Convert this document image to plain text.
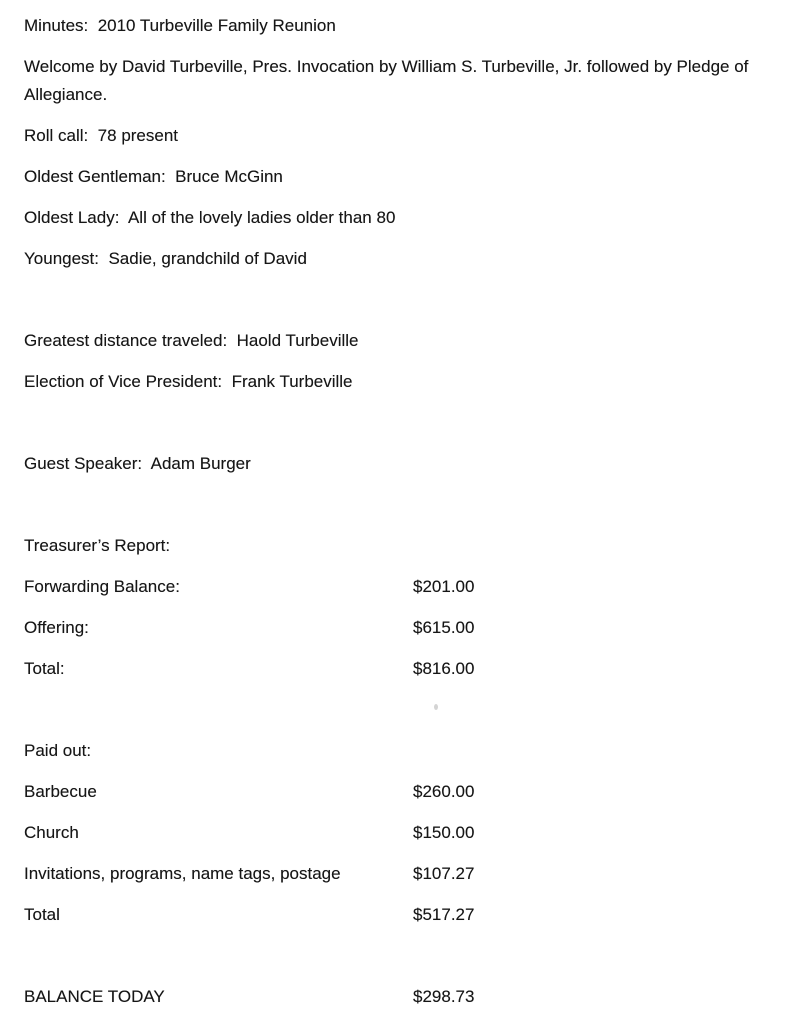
Minutes:  2010 Turbeville Family Reunion

Welcome by David Turbeville, Pres. Invocation by William S. Turbeville, Jr. followed by Pledge of Allegiance.

Roll call:  78 present

Oldest Gentleman:  Bruce McGinn

Oldest Lady:  All of the lovely ladies older than 80

Youngest:  Sadie, grandchild of David

Greatest distance traveled:  Haold Turbeville

Election of Vice President:  Frank Turbeville

Guest Speaker:  Adam Burger

Treasurer’s Report:

Forwarding Balance:	$201.00
Offering:	$615.00
Total:	$816.00

Paid out:

Barbecue	$260.00
Church	$150.00
Invitations, programs, name tags, postage	$107.27
Total	$517.27
BALANCE TODAY	$298.73
